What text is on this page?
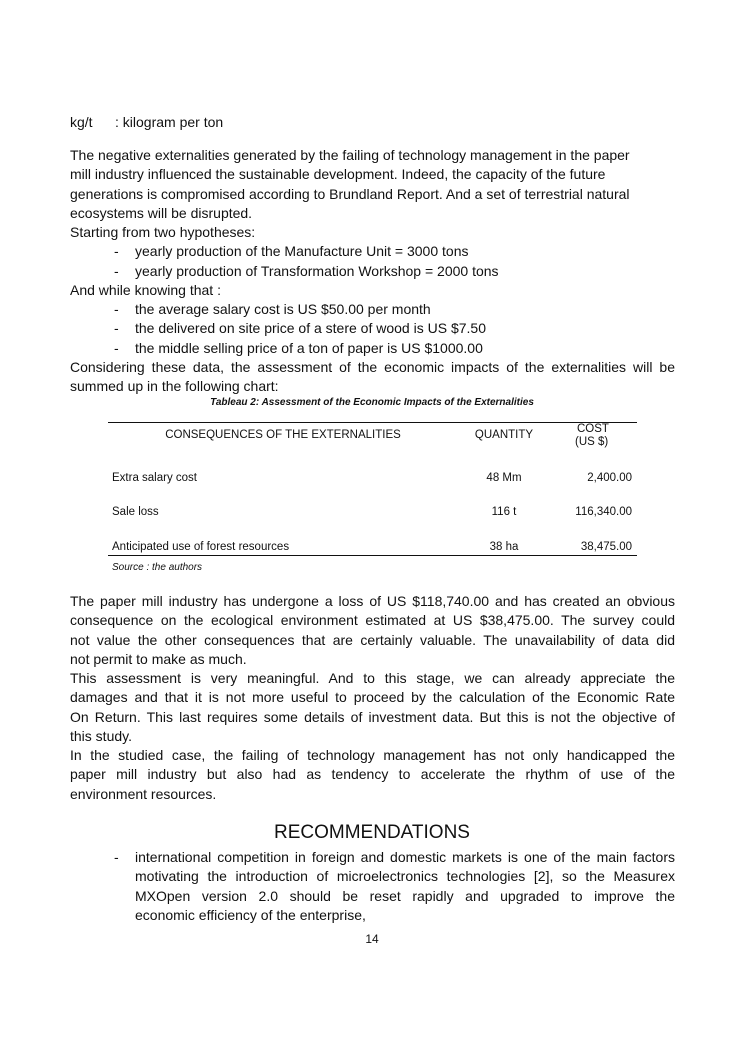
kg/t : kilogram per ton
The negative externalities generated by the failing of technology management in the paper
mill industry influenced the sustainable development. Indeed, the capacity of the future
generations is compromised according to Brundland Report. And a set of terrestrial natural
ecosystems will be disrupted.
Starting from two hypotheses:
- yearly production of the Manufacture Unit = 3000 tons
- yearly production of Transformation Workshop = 2000 tons
And while knowing that :
- the average salary cost is US $50.00 per month
- the delivered on site price of a stere of wood is US $7.50
- the middle selling price of a ton of paper is US $1000.00
Considering these data, the assessment of the economic impacts of the externalities will be
summed up in the following chart:
Tableau 2: Assessment of the Economic Impacts of the Externalities
CONSEQUENCES OF THE EXTERNALITIES	QUANTITY	COST
(US $)
Extra salary cost	48 Mm	2,400.00
Sale loss	116 t	116,340.00
Anticipated use of forest resources	38 ha	38,475.00
Source : the authors
The paper mill industry has undergone a loss of US $118,740.00 and has created an obvious
consequence on the ecological environment estimated at US $38,475.00. The survey could
not value the other consequences that are certainly valuable. The unavailability of data did
not permit to make as much.
This assessment is very meaningful. And to this stage, we can already appreciate the
damages and that it is not more useful to proceed by the calculation of the Economic Rate
On Return. This last requires some details of investment data. But this is not the objective of
this study.
In the studied case, the failing of technology management has not only handicapped the
paper mill industry but also had as tendency to accelerate the rhythm of use of the
environment resources.
RECOMMENDATIONS
- international competition in foreign and domestic markets is one of the main factors
motivating the introduction of microelectronics technologies [2], so the Measurex
MXOpen version 2.0 should be reset rapidly and upgraded to improve the
economic efficiency of the enterprise,
14
